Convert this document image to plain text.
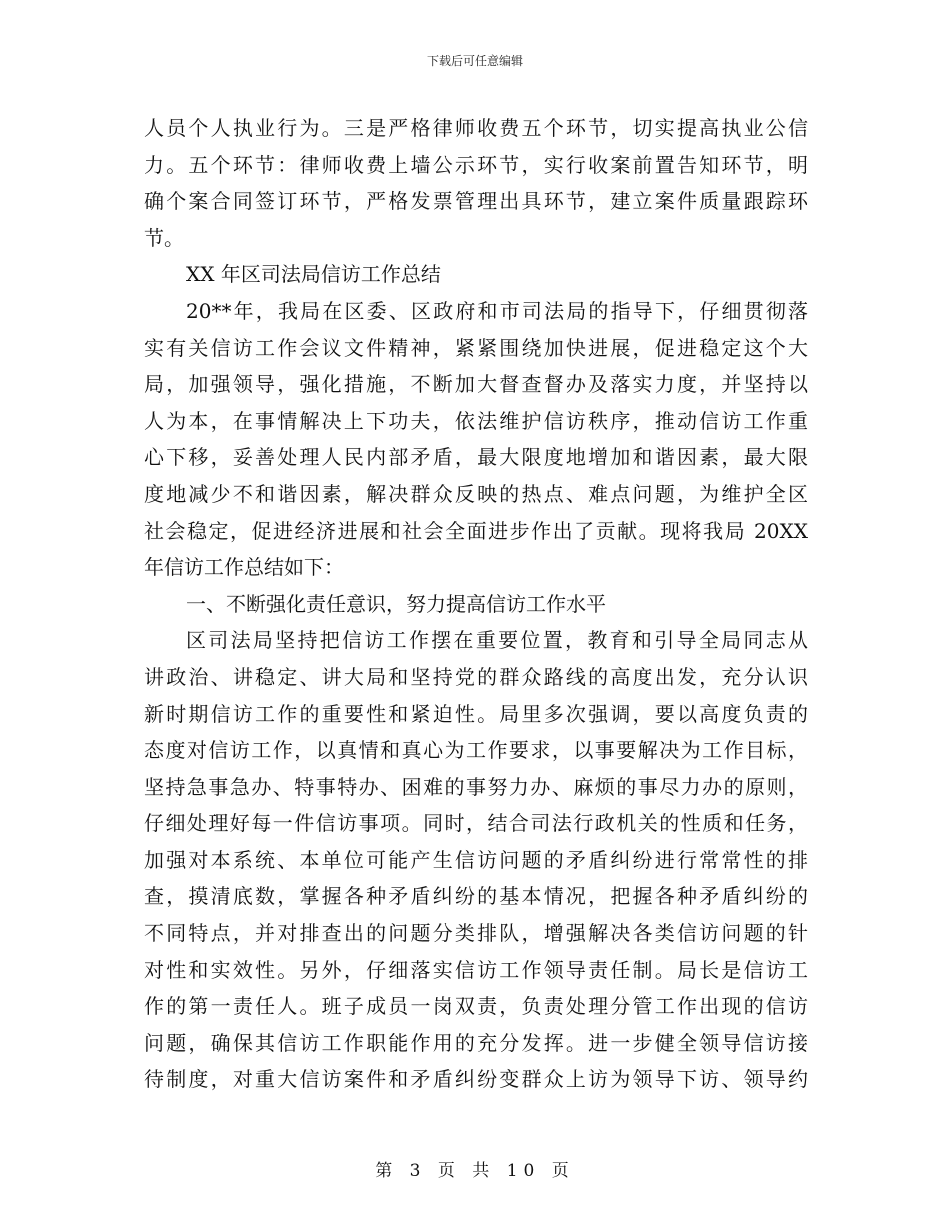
下载后可任意编辑
人员个人执业行为。三是严格律师收费五个环节，切实提高执业公信
力。五个环节：律师收费上墙公示环节，实行收案前置告知环节，明
确个案合同签订环节，严格发票管理出具环节，建立案件质量跟踪环
节。
XX 年区司法局信访工作总结
20**年，我局在区委、区政府和市司法局的指导下，仔细贯彻落
实有关信访工作会议文件精神，紧紧围绕加快进展，促进稳定这个大
局，加强领导，强化措施，不断加大督查督办及落实力度，并坚持以
人为本，在事情解决上下功夫，依法维护信访秩序，推动信访工作重
心下移，妥善处理人民内部矛盾，最大限度地增加和谐因素，最大限
度地减少不和谐因素，解决群众反映的热点、难点问题，为维护全区
社会稳定，促进经济进展和社会全面进步作出了贡献。现将我局 20XX
年信访工作总结如下：
一、不断强化责任意识，努力提高信访工作水平
区司法局坚持把信访工作摆在重要位置，教育和引导全局同志从
讲政治、讲稳定、讲大局和坚持党的群众路线的高度出发，充分认识
新时期信访工作的重要性和紧迫性。局里多次强调，要以高度负责的
态度对信访工作，以真情和真心为工作要求，以事要解决为工作目标，
坚持急事急办、特事特办、困难的事努力办、麻烦的事尽力办的原则，
仔细处理好每一件信访事项。同时，结合司法行政机关的性质和任务，
加强对本系统、本单位可能产生信访问题的矛盾纠纷进行常常性的排
查，摸清底数，掌握各种矛盾纠纷的基本情况，把握各种矛盾纠纷的
不同特点，并对排查出的问题分类排队，增强解决各类信访问题的针
对性和实效性。另外，仔细落实信访工作领导责任制。局长是信访工
作的第一责任人。班子成员一岗双责，负责处理分管工作出现的信访
问题，确保其信访工作职能作用的充分发挥。进一步健全领导信访接
待制度，对重大信访案件和矛盾纠纷变群众上访为领导下访、领导约
第 3 页 共 10 页
